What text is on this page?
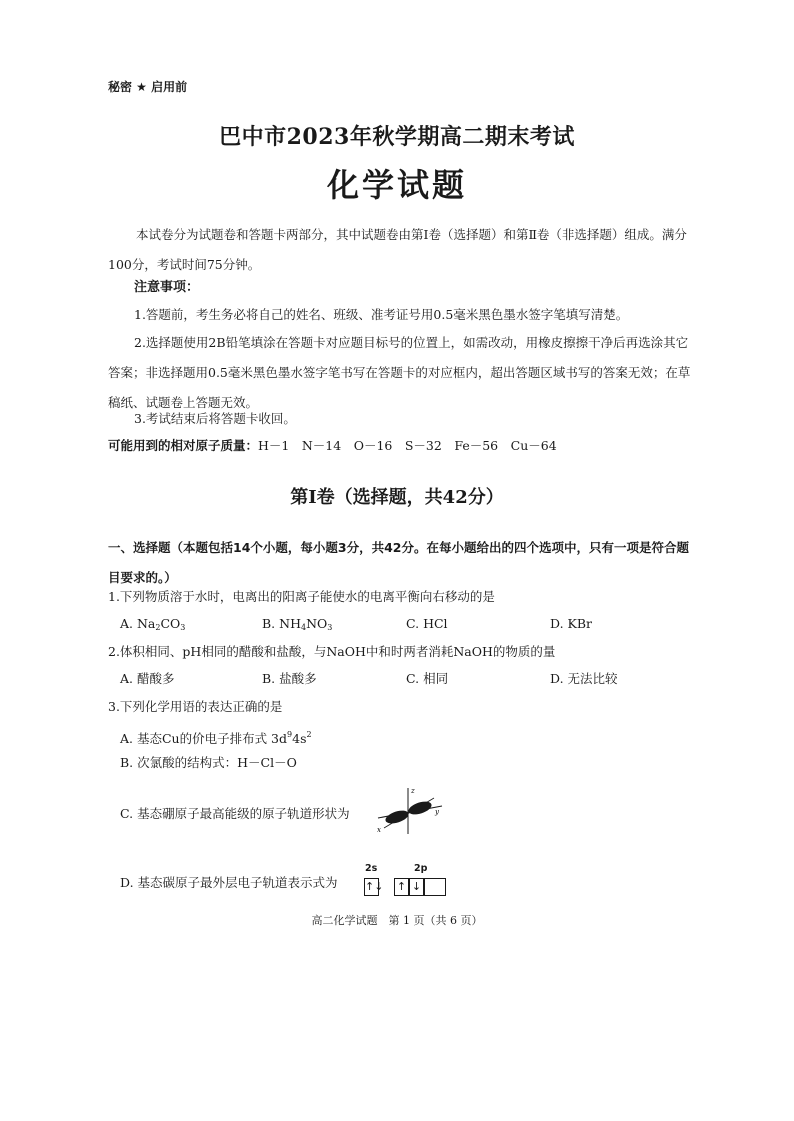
秘密 ★ 启用前
巴中市2023年秋学期高二期末考试
化学试题
本试卷分为试题卷和答题卡两部分，其中试题卷由第Ⅰ卷（选择题）和第Ⅱ卷（非选择题）组成。满分100分，考试时间75分钟。
注意事项：
1.答题前，考生务必将自己的姓名、班级、准考证号用0.5毫米黑色墨水签字笔填写清楚。
2.选择题使用2B铅笔填涂在答题卡对应题目标号的位置上，如需改动，用橡皮擦擦干净后再选涂其它答案；非选择题用0.5毫米黑色墨水签字笔书写在答题卡的对应框内，超出答题区域书写的答案无效；在草稿纸、试题卷上答题无效。
3.考试结束后将答题卡收回。
可能用到的相对原子质量：H－1　N－14　O－16　S－32　Fe－56　Cu－64
第Ⅰ卷（选择题，共42分）
一、选择题（本题包括14个小题，每小题3分，共42分。在每小题给出的四个选项中，只有一项是符合题目要求的。）
1.下列物质溶于水时，电离出的阳离子能使水的电离平衡向右移动的是
A. $Na_2CO_3$	B. $NH_4NO_3$	C. HCl	D. KBr
2.体积相同、pH相同的醋酸和盐酸，与NaOH中和时两者消耗NaOH的物质的量
A. 醋酸多	B. 盐酸多	C. 相同	D. 无法比较
3.下列化学用语的表达正确的是
A. 基态Cu的价电子排布式 $3d^94s^2$
B. 次氯酸的结构式：H－Cl－O
C. 基态硼原子最高能级的原子轨道形状为
z
y
x
D. 基态碳原子最外层电子轨道表示式为
2s	2p
↑↓ ↑ ↓
高二化学试题　第 1 页（共 6 页）
